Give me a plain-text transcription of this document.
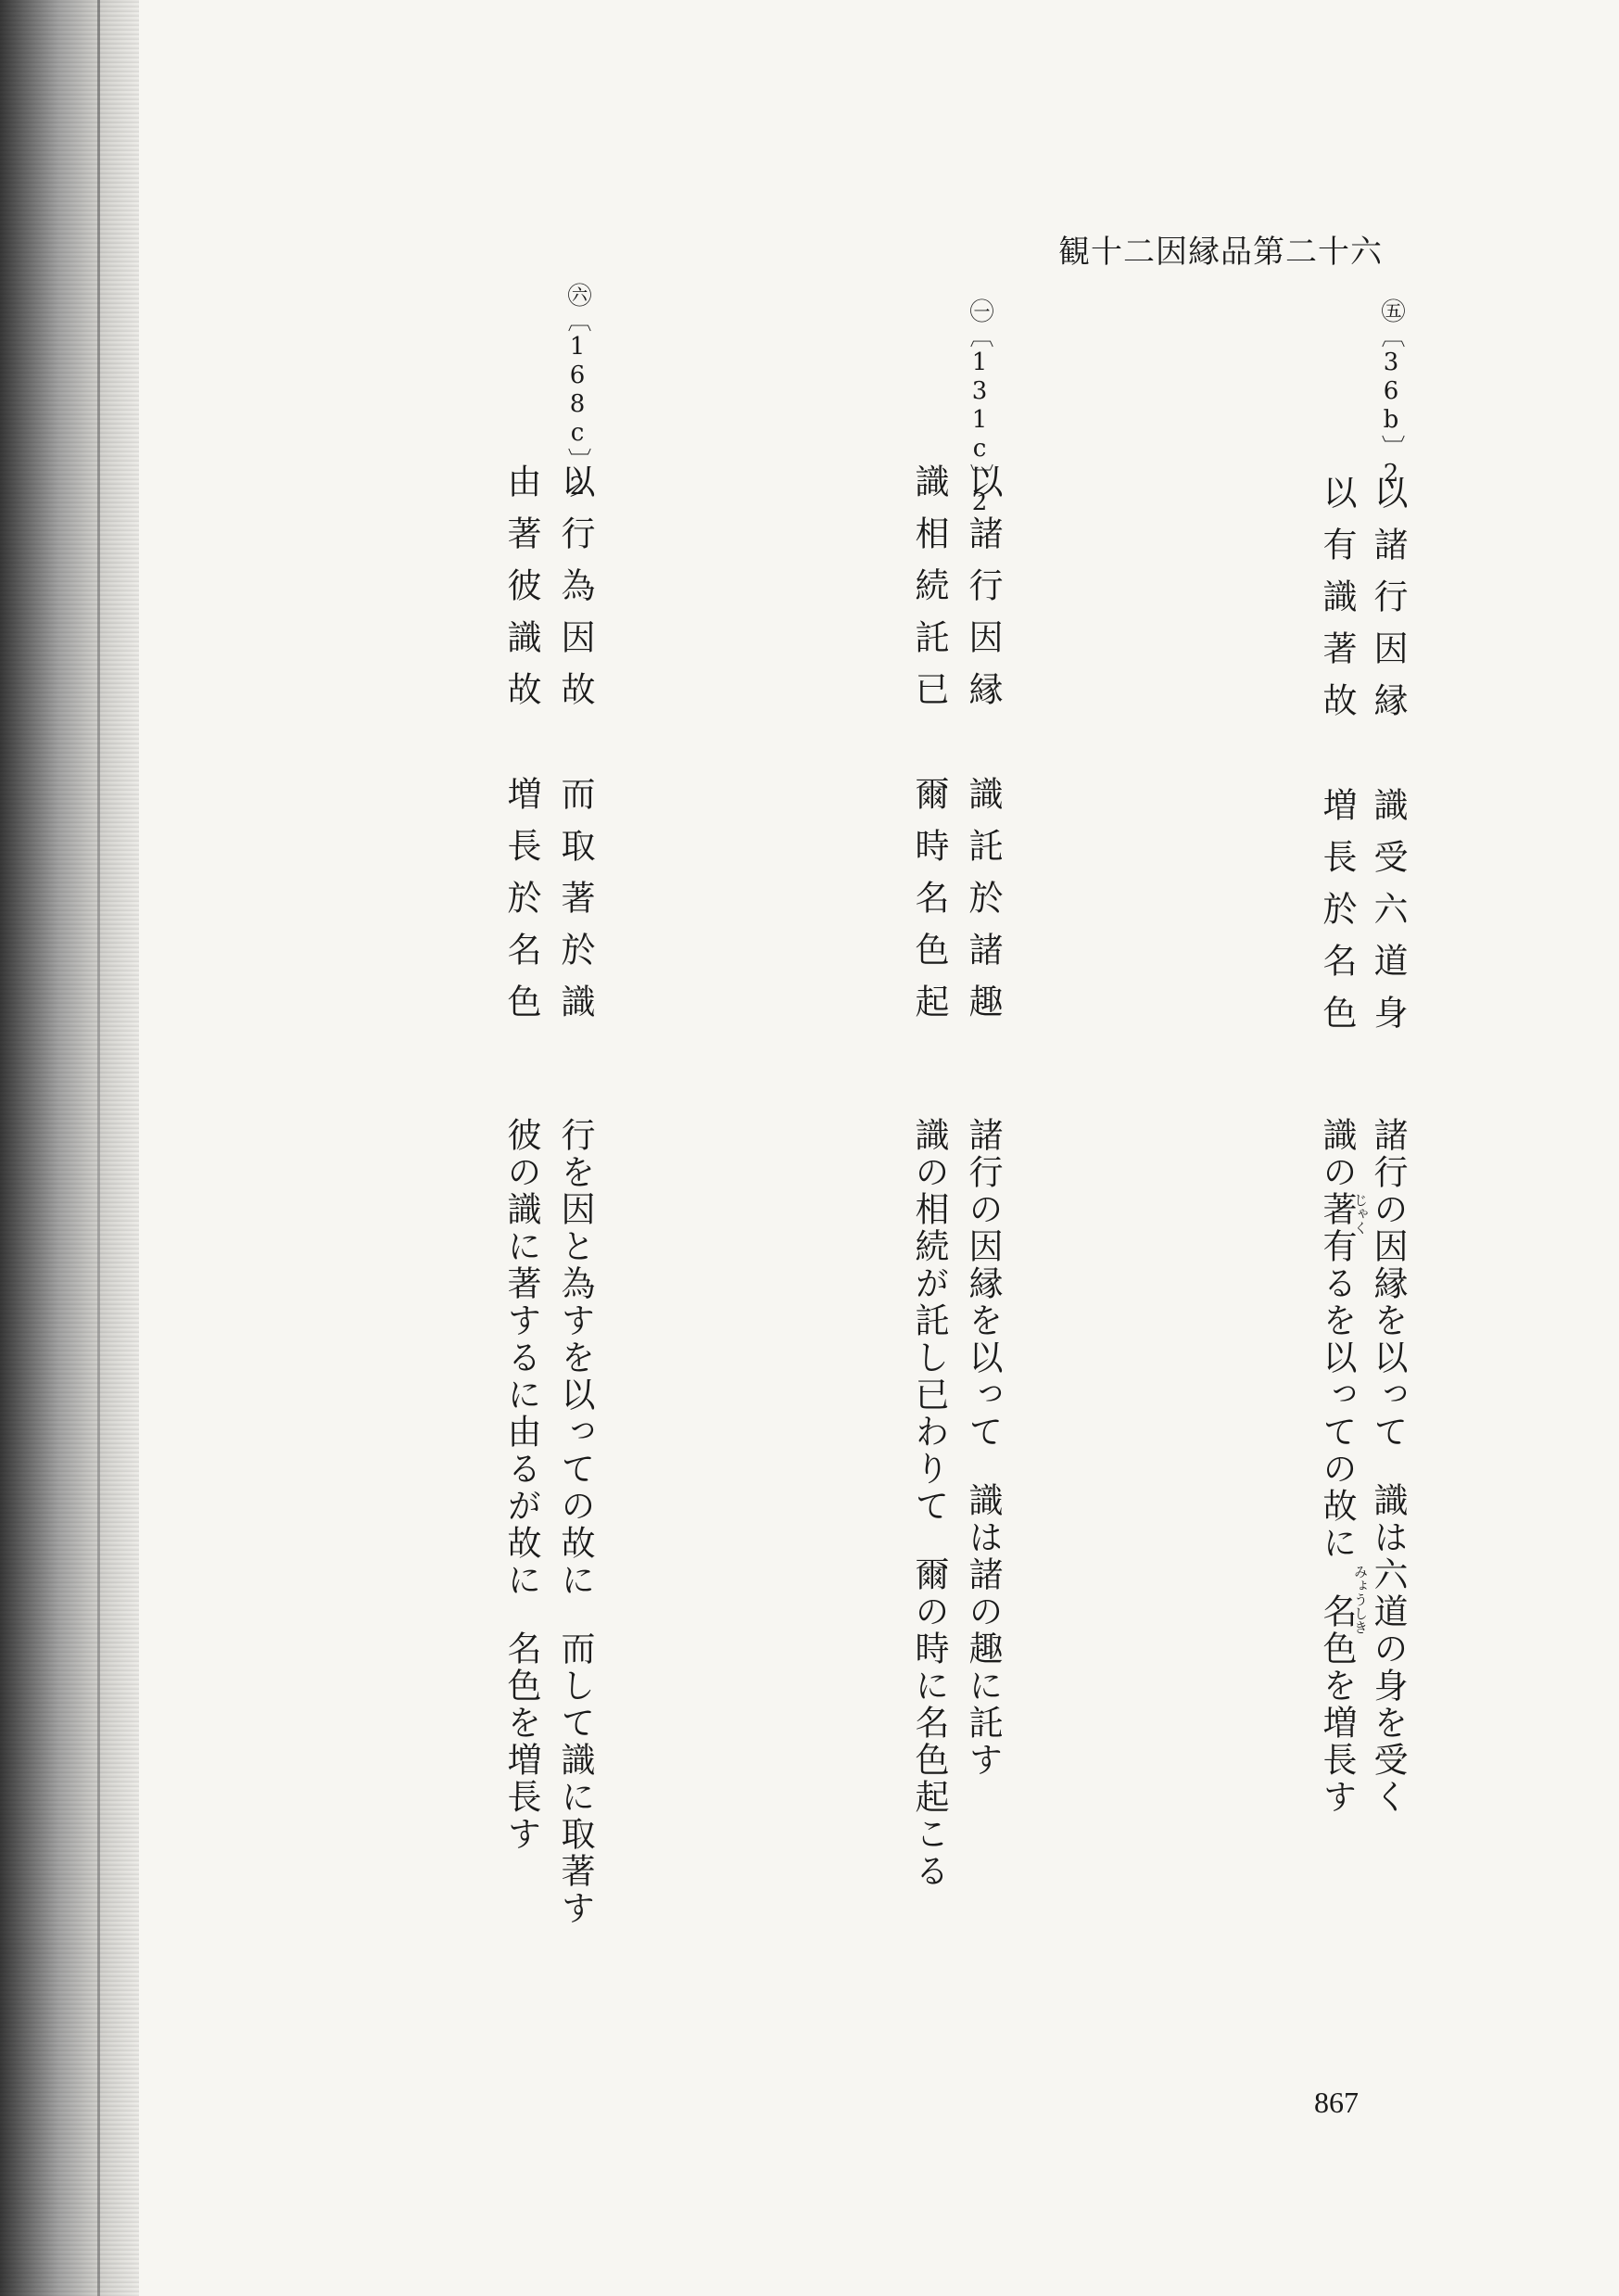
観十二因縁品第二十六
㊄〔36b〕2
以諸行因縁識受六道身
以有識著故増長於名色
諸行の因縁を以って識は六道の身を受く
識の著有るを以っての故に名色を増長す
じゃく
みょうしき
㊀〔131c〕2
以諸行因縁識託於諸趣
識相続託已爾時名色起
諸行の因縁を以って識は諸の趣に託す
識の相続が託し已わりて爾の時に名色起こる
㊅〔168c〕2
以行為因故而取著於識
由著彼識故増長於名色
行を因と為すを以っての故に而して識に取著す
彼の識に著するに由るが故に名色を増長す
867
